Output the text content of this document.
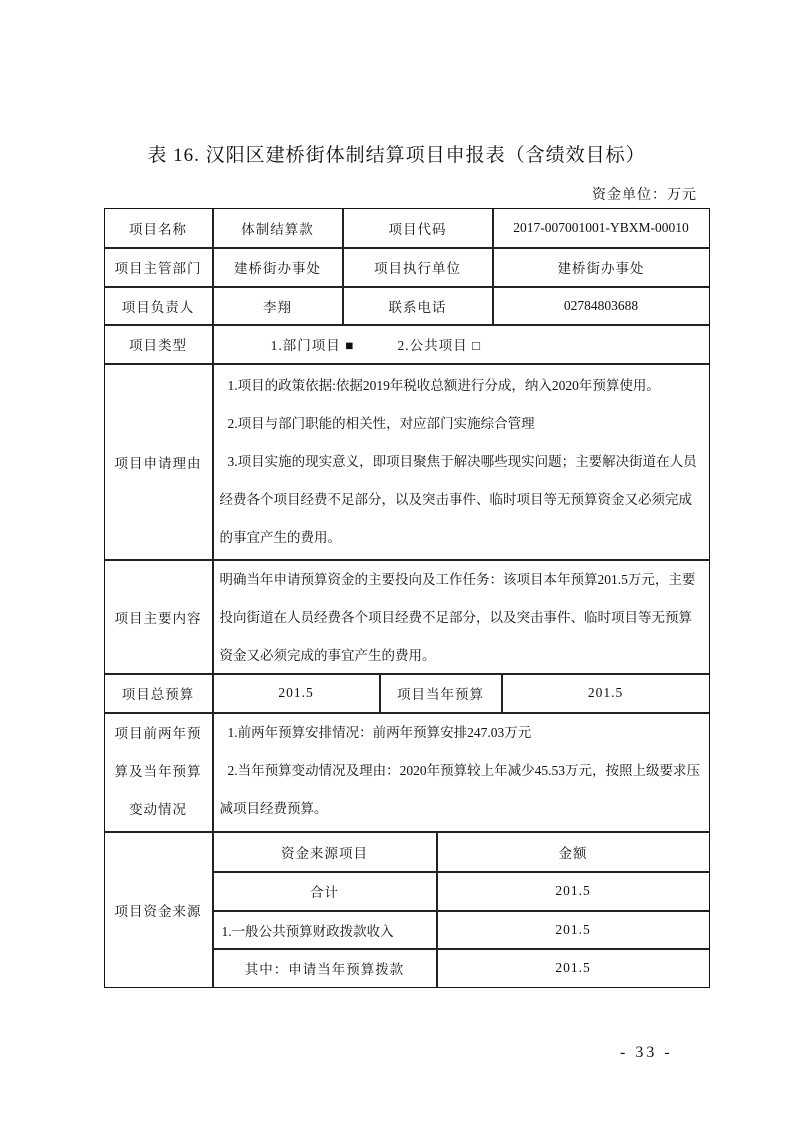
表 16. 汉阳区建桥街体制结算项目申报表（含绩效目标）
资金单位：万元
项目名称	体制结算款	项目代码	2017-007001001-YBXM-00010
项目主管部门	建桥街办事处	项目执行单位	建桥街办事处
项目负责人	李翔	联系电话	02784803688
项目类型	1.部门项目 ■	2.公共项目 □
项目申请理由

1.项目的政策依据:依据2019年税收总额进行分成，纳入2020年预算使用。

2.项目与部门职能的相关性，对应部门实施综合管理

3.项目实施的现实意义，即项目聚焦于解决哪些现实问题；主要解决街道在人员经费各个项目经费不足部分，以及突击事件、临时项目等无预算资金又必须完成的事宜产生的费用。

项目主要内容
明确当年申请预算资金的主要投向及工作任务：该项目本年预算201.5万元，主要投向街道在人员经费各个项目经费不足部分，以及突击事件、临时项目等无预算资金又必须完成的事宜产生的费用。
项目总预算	201.5	项目当年预算	201.5
项目前两年预算及当年预算变动情况

1.前两年预算安排情况：前两年预算安排247.03万元

2.当年预算变动情况及理由：2020年预算较上年减少45.53万元，按照上级要求压减项目经费预算。

项目资金来源
资金来源项目	金额
合计	201.5
1.一般公共预算财政拨款收入	201.5
其中：申请当年预算拨款	201.5
- 33 -
